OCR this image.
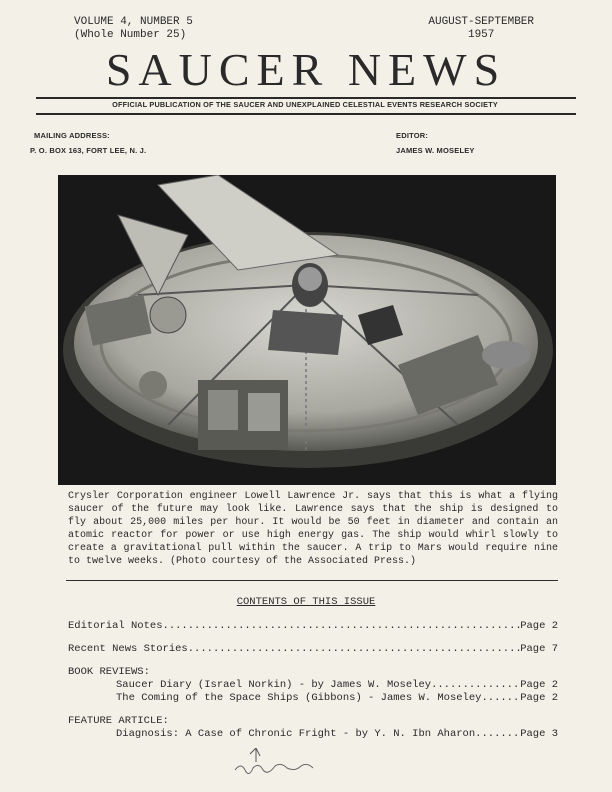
VOLUME 4, NUMBER 5
(Whole Number 25)
AUGUST-SEPTEMBER
1957
SAUCER NEWS
OFFICIAL PUBLICATION OF THE SAUCER AND UNEXPLAINED CELESTIAL EVENTS RESEARCH SOCIETY
MAILING ADDRESS:
P. O. BOX 163, FORT LEE, N. J.
EDITOR:
JAMES W. MOSELEY

Crysler Corporation engineer Lowell Lawrence Jr. says that this is what a flying saucer of the future may look like. Lawrence says that the ship is designed to fly about 25,000 miles per hour. It would be 50 feet in diameter and contain an atomic reactor for power or use high energy gas. The ship would whirl slowly to create a gravitational pull within the saucer. A trip to Mars would require nine to twelve weeks. (Photo courtesy of the Associated Press.)

CONTENTS OF THIS ISSUE
Editorial Notes .....	Page 2
Recent News Stories .....	Page 7
BOOK REVIEWS:
Saucer Diary (Israel Norkin) - by James W. Moseley .....	Page 2
The Coming of the Space Ships (Gibbons) - James W. Moseley .....	Page 2
FEATURE ARTICLE:
Diagnosis: A Case of Chronic Fright - by Y. N. Ibn Aharon .....	Page 3
